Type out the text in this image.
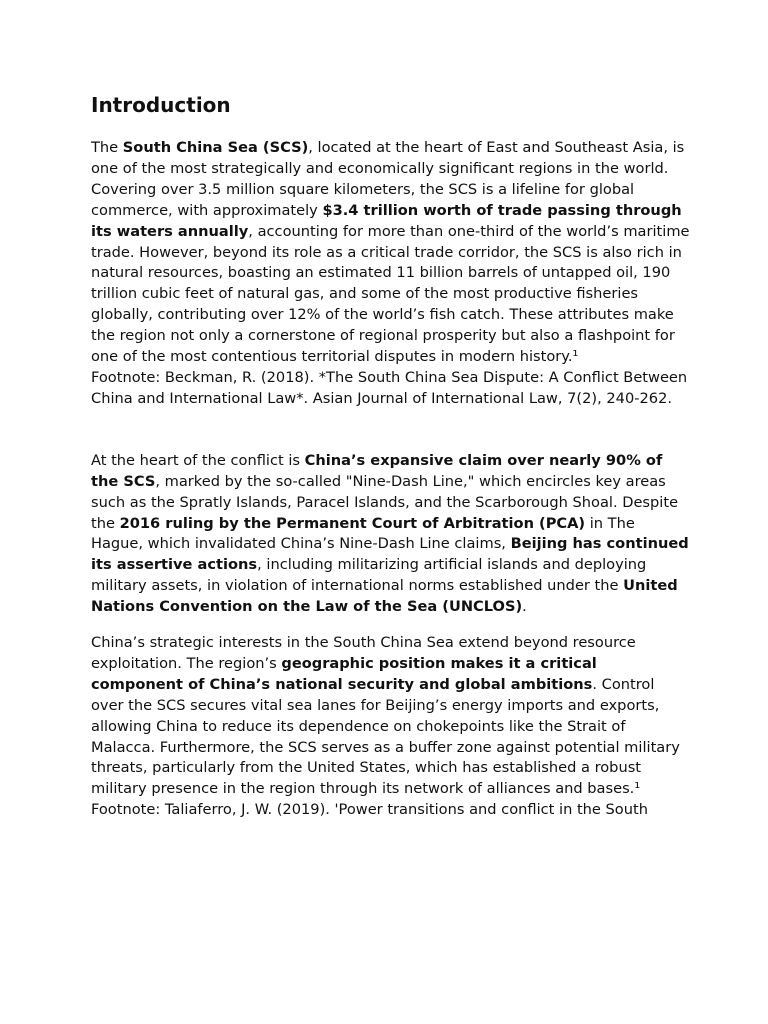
Introduction

The South China Sea (SCS), located at the heart of East and Southeast Asia, is one of the most strategically and economically significant regions in the world. Covering over 3.5 million square kilometers, the SCS is a lifeline for global commerce, with approximately $3.4 trillion worth of trade passing through its waters annually, accounting for more than one-third of the world’s maritime trade. However, beyond its role as a critical trade corridor, the SCS is also rich in natural resources, boasting an estimated 11 billion barrels of untapped oil, 190 trillion cubic feet of natural gas, and some of the most productive fisheries globally, contributing over 12% of the world’s fish catch. These attributes make the region not only a cornerstone of regional prosperity but also a flashpoint for one of the most contentious territorial disputes in modern history.¹

Footnote: Beckman, R. (2018). *The South China Sea Dispute: A Conflict Between China and International Law*. Asian Journal of International Law, 7(2), 240-262.

At the heart of the conflict is China’s expansive claim over nearly 90% of the SCS, marked by the so-called "Nine-Dash Line," which encircles key areas such as the Spratly Islands, Paracel Islands, and the Scarborough Shoal. Despite the 2016 ruling by the Permanent Court of Arbitration (PCA) in The Hague, which invalidated China’s Nine-Dash Line claims, Beijing has continued its assertive actions, including militarizing artificial islands and deploying military assets, in violation of international norms established under the United Nations Convention on the Law of the Sea (UNCLOS).

China’s strategic interests in the South China Sea extend beyond resource exploitation. The region’s geographic position makes it a critical component of China’s national security and global ambitions. Control over the SCS secures vital sea lanes for Beijing’s energy imports and exports, allowing China to reduce its dependence on chokepoints like the Strait of Malacca. Furthermore, the SCS serves as a buffer zone against potential military threats, particularly from the United States, which has established a robust military presence in the region through its network of alliances and bases.¹

Footnote: Taliaferro, J. W. (2019). 'Power transitions and conflict in the South
